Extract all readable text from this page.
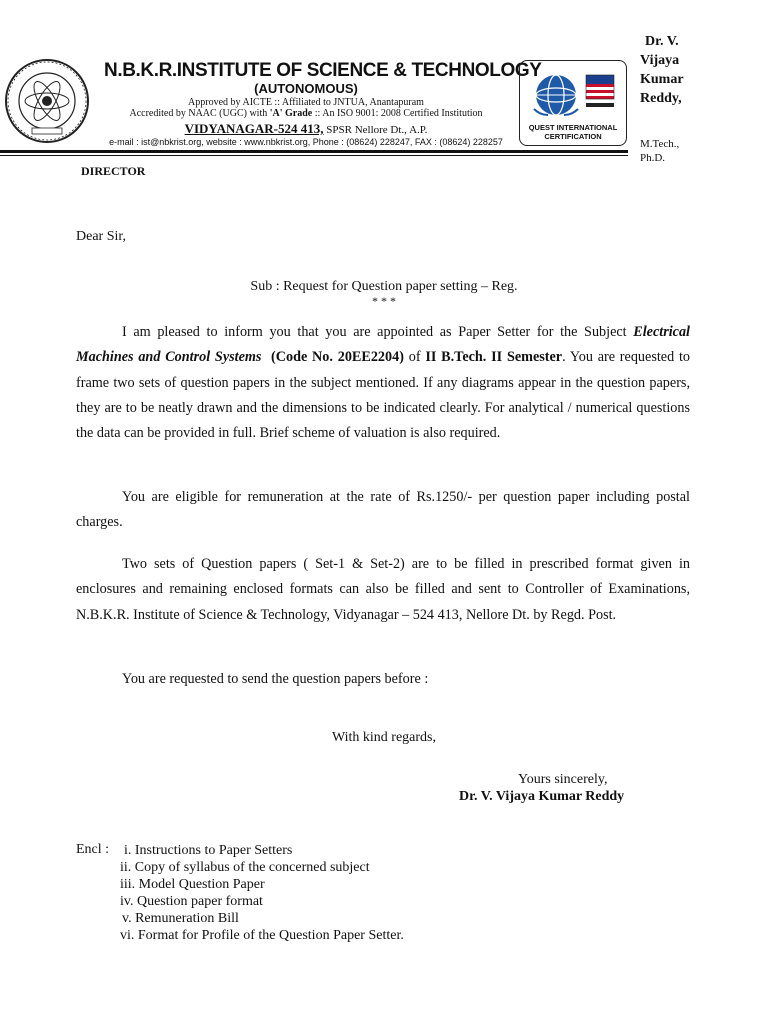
N.B.K.R.INSTITUTE OF SCIENCE & TECHNOLOGY
(AUTONOMOUS)
Approved by AICTE :: Affiliated to JNTUA, Anantapuram
Accredited by NAAC (UGC) with 'A' Grade :: An ISO 9001: 2008 Certified Institution
VIDYANAGAR-524 413, SPSR Nellore Dt., A.P.
e-mail : ist@nbkrist.org, website : www.nbkrist.org, Phone : (08624) 228247, FAX : (08624) 228257
QUEST INTERNATIONAL
CERTIFICATION
Dr. V.
Vijaya
Kumar
Reddy,
M.Tech.,
Ph.D.
DIRECTOR
Dear Sir,
Sub : Request for Question paper setting – Reg.
* * *
I am pleased to inform you that you are appointed as Paper Setter for the Subject Electrical Machines and Control Systems (Code No. 20EE2204) of II B.Tech. II Semester. You are requested to frame two sets of question papers in the subject mentioned. If any diagrams appear in the question papers, they are to be neatly drawn and the dimensions to be indicated clearly. For analytical / numerical questions the data can be provided in full. Brief scheme of valuation is also required.
You are eligible for remuneration at the rate of Rs.1250/- per question paper including postal charges.
Two sets of Question papers ( Set-1 & Set-2) are to be filled in prescribed format given in enclosures and remaining enclosed formats can also be filled and sent to Controller of Examinations, N.B.K.R. Institute of Science & Technology, Vidyanagar – 524 413, Nellore Dt. by Regd. Post.
You are requested to send the question papers before :
With kind regards,
Yours sincerely,
Dr. V. Vijaya Kumar Reddy
Encl : i. Instructions to Paper Setters
ii. Copy of syllabus of the concerned subject
iii. Model Question Paper
iv. Question paper format
v. Remuneration Bill
vi. Format for Profile of the Question Paper Setter.
